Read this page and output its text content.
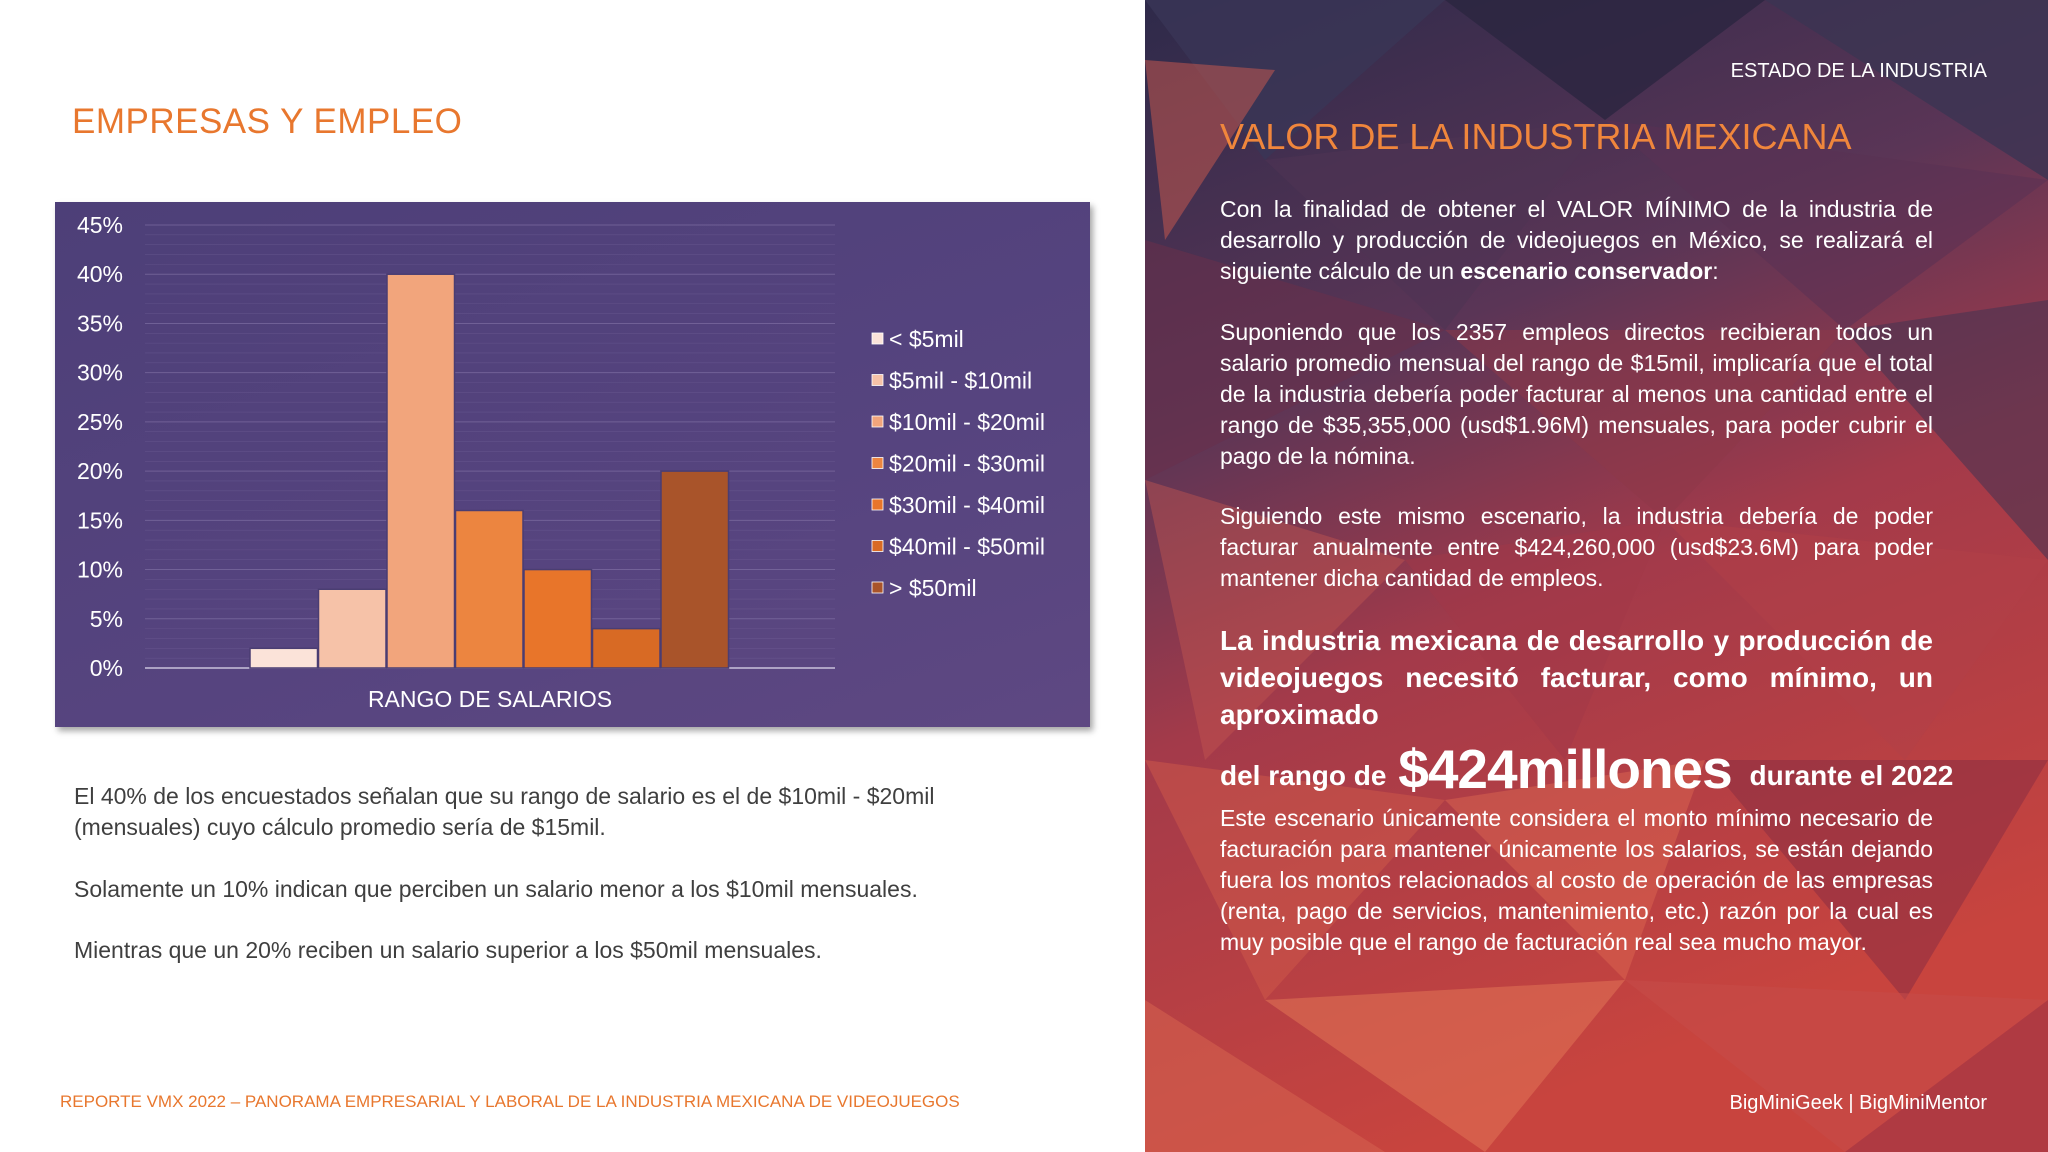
EMPRESAS Y EMPLEO
0%
5%
10%
15%
20%
25%
30%
35%
40%
45%
RANGO DE SALARIOS
< $5mil
$5mil - $10mil
$10mil - $20mil
$20mil - $30mil
$30mil - $40mil
$40mil - $50mil
> $50mil
El 40% de los encuestados señalan que su rango de salario es el de $10mil - $20mil (mensuales) cuyo cálculo promedio sería de $15mil.
Solamente un 10% indican que perciben un salario menor a los $10mil mensuales.
Mientras que un 20% reciben un salario superior a los $50mil mensuales.
REPORTE VMX 2022 – PANORAMA EMPRESARIAL Y LABORAL DE LA INDUSTRIA MEXICANA DE VIDEOJUEGOS
ESTADO DE LA INDUSTRIA
VALOR DE LA INDUSTRIA MEXICANA
Con la finalidad de obtener el VALOR MÍNIMO de la industria de desarrollo y producción de videojuegos en México, se realizará el siguiente cálculo de un escenario conservador:
Suponiendo que los 2357 empleos directos recibieran todos un salario promedio mensual del rango de $15mil, implicaría que el total de la industria debería poder facturar al menos una cantidad entre el rango de $35,355,000 (usd$1.96M) mensuales, para poder cubrir el pago de la nómina.
Siguiendo este mismo escenario, la industria debería de poder facturar anualmente entre $424,260,000 (usd$23.6M) para poder mantener dicha cantidad de empleos.
La industria mexicana de desarrollo y producción de videojuegos necesitó facturar, como mínimo, un aproximado
del rango de $424millones durante el 2022
Este escenario únicamente considera el monto mínimo necesario de facturación para mantener únicamente los salarios, se están dejando fuera los montos relacionados al costo de operación de las empresas (renta, pago de servicios, mantenimiento, etc.) razón por la cual es muy posible que el rango de facturación real sea mucho mayor.
BigMiniGeek | BigMiniMentor
